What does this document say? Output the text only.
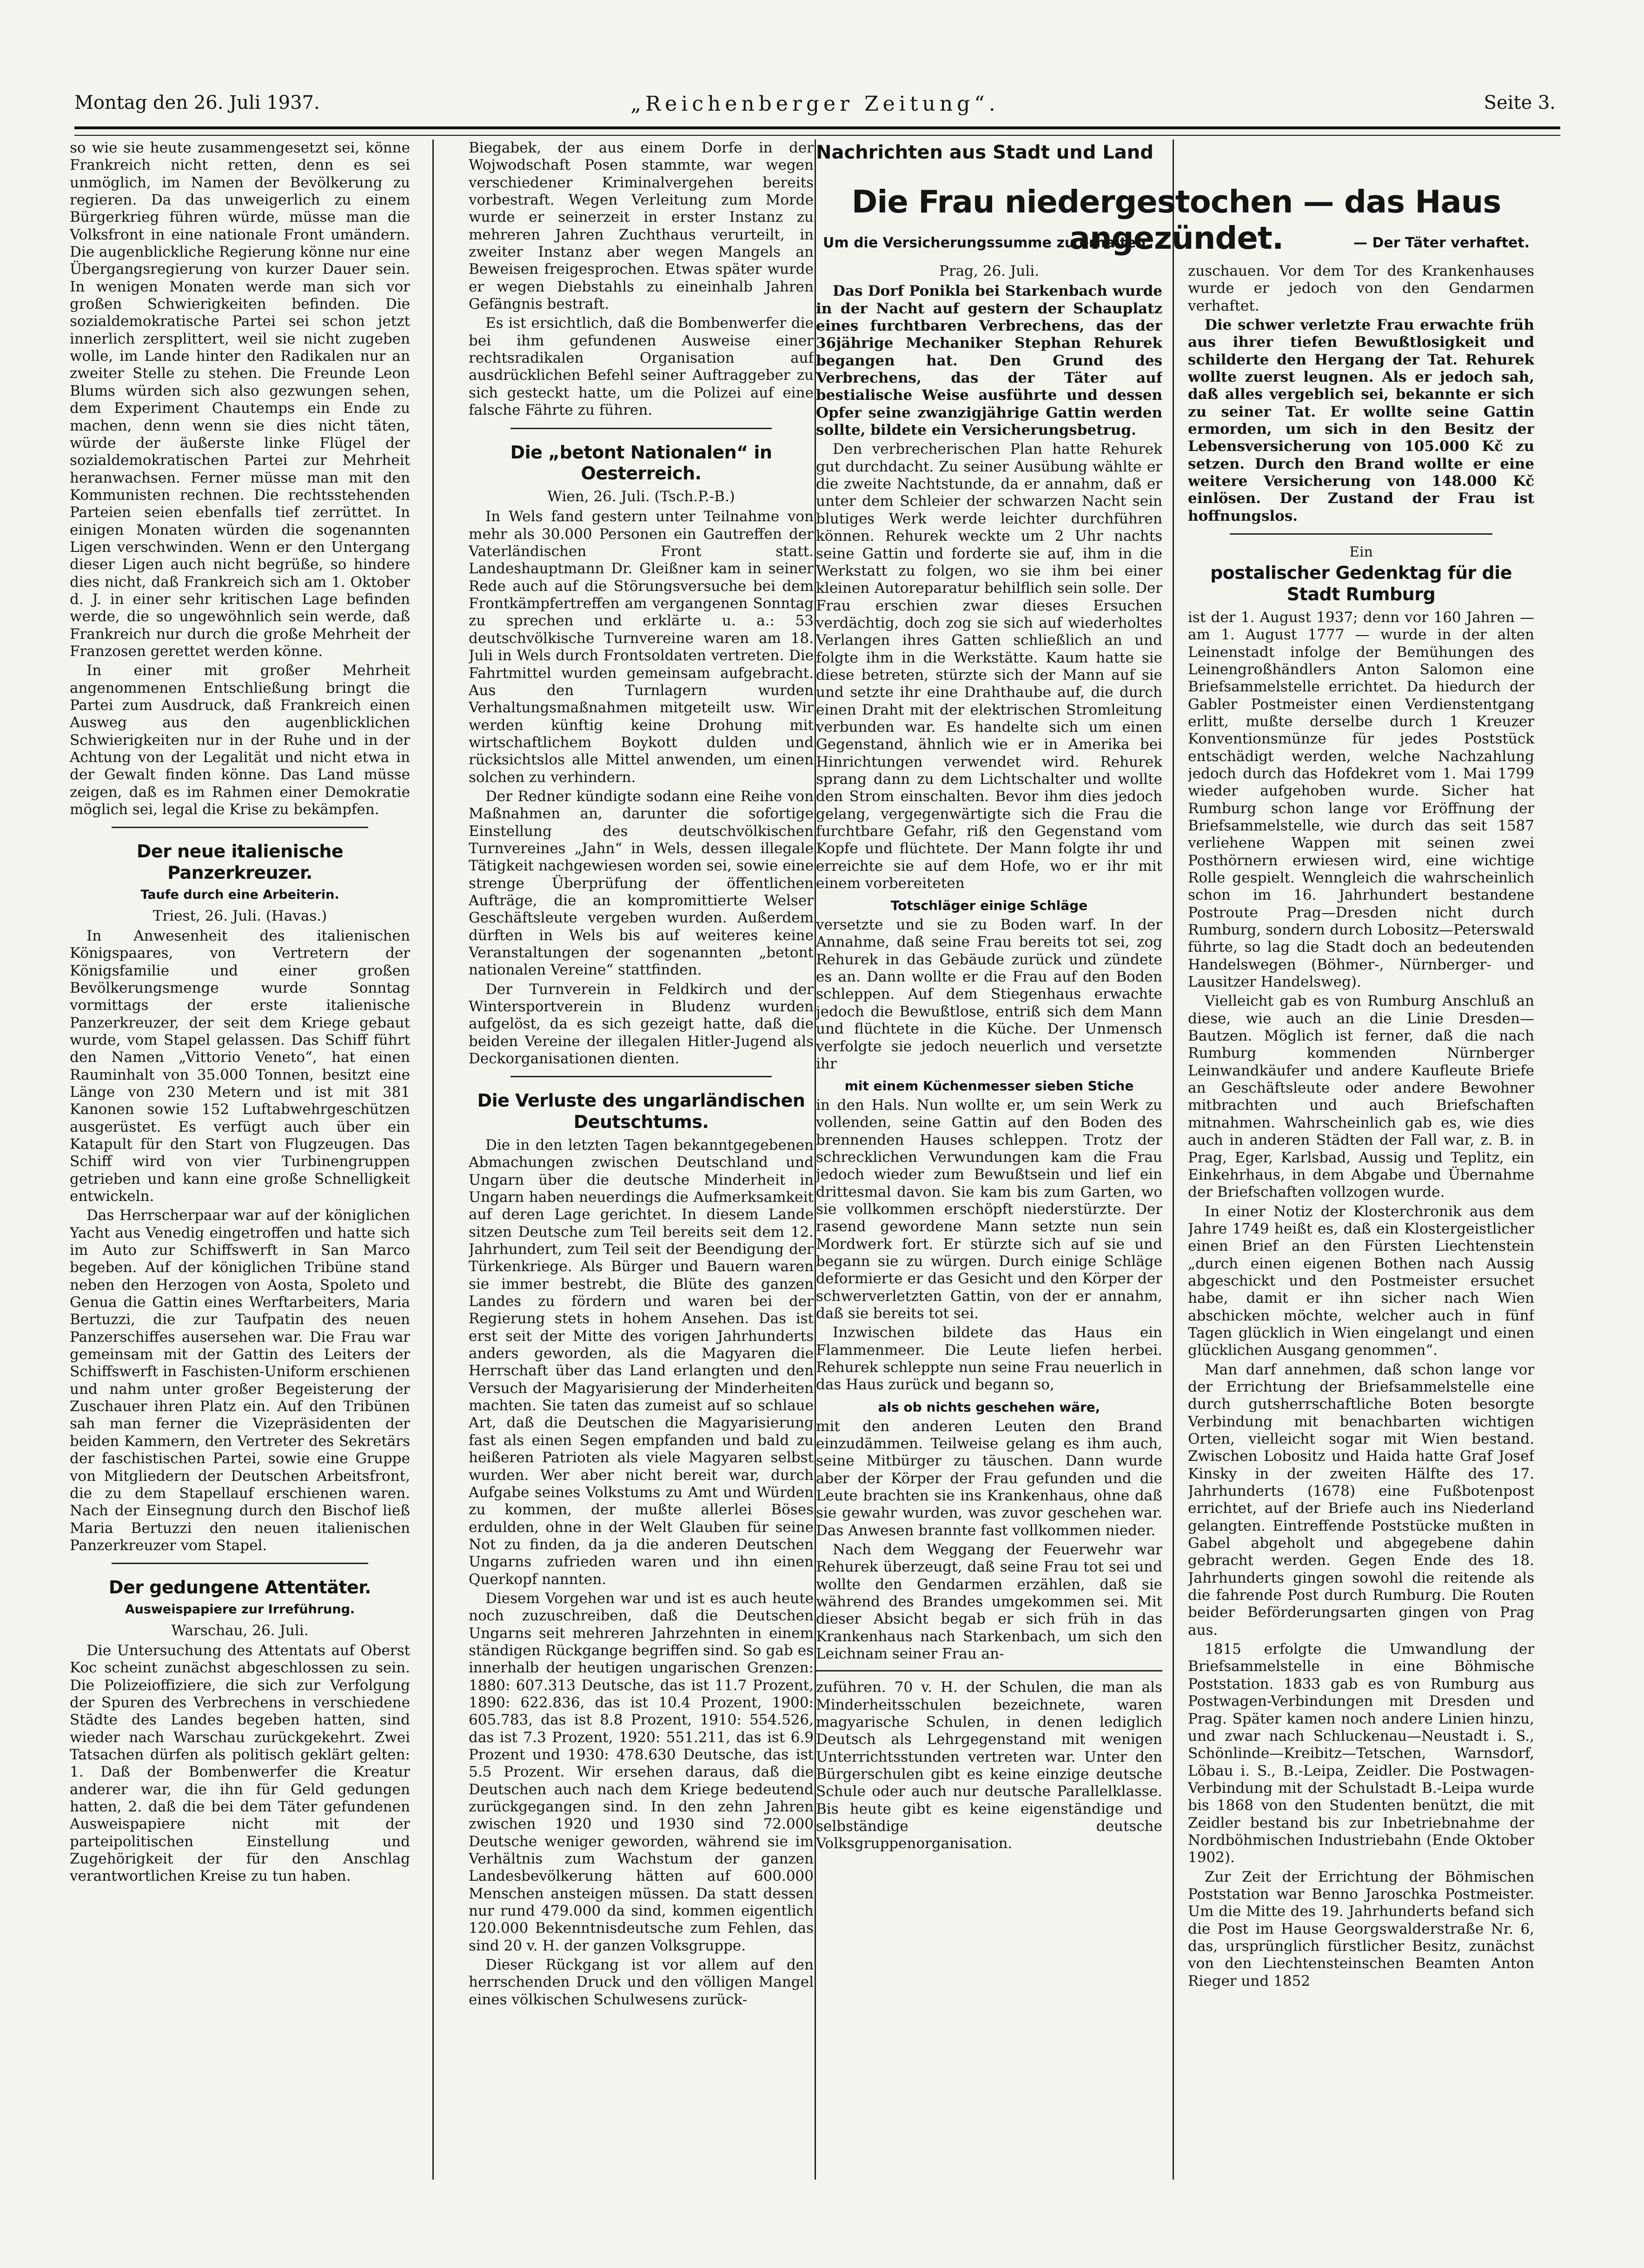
Montag den 26. Juli 1937.	„Reichenberger Zeitung“.	Seite 3.

so wie sie heute zusammengesetzt sei, könne Frankreich nicht retten, denn es sei unmöglich, im Namen der Bevölkerung zu regieren. Da das unweigerlich zu einem Bürgerkrieg führen würde, müsse man die Volksfront in eine nationale Front umändern. Die augenblickliche Regierung könne nur eine Übergangsregierung von kurzer Dauer sein. In wenigen Monaten werde man sich vor großen Schwierigkeiten befinden. Die sozialdemokratische Partei sei schon jetzt innerlich zersplittert, weil sie nicht zugeben wolle, im Lande hinter den Radikalen nur an zweiter Stelle zu stehen. Die Freunde Leon Blums würden sich also gezwungen sehen, dem Experiment Chautemps ein Ende zu machen, denn wenn sie dies nicht täten, würde der äußerste linke Flügel der sozialdemokratischen Partei zur Mehrheit heranwachsen. Ferner müsse man mit den Kommunisten rechnen. Die rechtsstehenden Parteien seien ebenfalls tief zerrüttet. In einigen Monaten würden die sogenannten Ligen verschwinden. Wenn er den Untergang dieser Ligen auch nicht begrüße, so hindere dies nicht, daß Frankreich sich am 1. Oktober d. J. in einer sehr kritischen Lage befinden werde, die so ungewöhnlich sein werde, daß Frankreich nur durch die große Mehrheit der Franzosen gerettet werden könne.

In einer mit großer Mehrheit angenommenen Entschließung bringt die Partei zum Ausdruck, daß Frankreich einen Ausweg aus den augenblicklichen Schwierigkeiten nur in der Ruhe und in der Achtung von der Legalität und nicht etwa in der Gewalt finden könne. Das Land müsse zeigen, daß es im Rahmen einer Demokratie möglich sei, legal die Krise zu bekämpfen.

Der neue italienische Panzerkreuzer.
Taufe durch eine Arbeiterin.
Triest, 26. Juli. (Havas.)

In Anwesenheit des italienischen Königspaares, von Vertretern der Königsfamilie und einer großen Bevölkerungsmenge wurde Sonntag vormittags der erste italienische Panzerkreuzer, der seit dem Kriege gebaut wurde, vom Stapel gelassen. Das Schiff führt den Namen „Vittorio Veneto“, hat einen Rauminhalt von 35.000 Tonnen, besitzt eine Länge von 230 Metern und ist mit 381 Kanonen sowie 152 Luftabwehrgeschützen ausgerüstet. Es verfügt auch über ein Katapult für den Start von Flugzeugen. Das Schiff wird von vier Turbinengruppen getrieben und kann eine große Schnelligkeit entwickeln.

Das Herrscherpaar war auf der königlichen Yacht aus Venedig eingetroffen und hatte sich im Auto zur Schiffswerft in San Marco begeben. Auf der königlichen Tribüne stand neben den Herzogen von Aosta, Spoleto und Genua die Gattin eines Werftarbeiters, Maria Bertuzzi, die zur Taufpatin des neuen Panzerschiffes ausersehen war. Die Frau war gemeinsam mit der Gattin des Leiters der Schiffswerft in Faschisten-Uniform erschienen und nahm unter großer Begeisterung der Zuschauer ihren Platz ein. Auf den Tribünen sah man ferner die Vizepräsidenten der beiden Kammern, den Vertreter des Sekretärs der faschistischen Partei, sowie eine Gruppe von Mitgliedern der Deutschen Arbeitsfront, die zu dem Stapellauf erschienen waren. Nach der Einsegnung durch den Bischof ließ Maria Bertuzzi den neuen italienischen Panzerkreuzer vom Stapel.

Der gedungene Attentäter.
Ausweispapiere zur Irreführung.
Warschau, 26. Juli.

Die Untersuchung des Attentats auf Oberst Koc scheint zunächst abgeschlossen zu sein. Die Polizeioffiziere, die sich zur Verfolgung der Spuren des Verbrechens in verschiedene Städte des Landes begeben hatten, sind wieder nach Warschau zurückgekehrt. Zwei Tatsachen dürfen als politisch geklärt gelten: 1. Daß der Bombenwerfer die Kreatur anderer war, die ihn für Geld gedungen hatten, 2. daß die bei dem Täter gefundenen Ausweispapiere nicht mit der parteipolitischen Einstellung und Zugehörigkeit der für den Anschlag verantwortlichen Kreise zu tun haben.

Biegabek, der aus einem Dorfe in der Wojwodschaft Posen stammte, war wegen verschiedener Kriminalvergehen bereits vorbestraft. Wegen Verleitung zum Morde wurde er seinerzeit in erster Instanz zu mehreren Jahren Zuchthaus verurteilt, in zweiter Instanz aber wegen Mangels an Beweisen freigesprochen. Etwas später wurde er wegen Diebstahls zu eineinhalb Jahren Gefängnis bestraft.

Es ist ersichtlich, daß die Bombenwerfer die bei ihm gefundenen Ausweise einer rechtsradikalen Organisation auf ausdrücklichen Befehl seiner Auftraggeber zu sich gesteckt hatte, um die Polizei auf eine falsche Fährte zu führen.

Die „betont Nationalen“ in Oesterreich.
Wien, 26. Juli. (Tsch.P.-B.)

In Wels fand gestern unter Teilnahme von mehr als 30.000 Personen ein Gautreffen der Vaterländischen Front statt. Landeshauptmann Dr. Gleißner kam in seiner Rede auch auf die Störungsversuche bei dem Frontkämpfertreffen am vergangenen Sonntag zu sprechen und erklärte u. a.: 53 deutschvölkische Turnvereine waren am 18. Juli in Wels durch Frontsoldaten vertreten. Die Fahrtmittel wurden gemeinsam aufgebracht. Aus den Turnlagern wurden Verhaltungsmaßnahmen mitgeteilt usw. Wir werden künftig keine Drohung mit wirtschaftlichem Boykott dulden und rücksichtslos alle Mittel anwenden, um einen solchen zu verhindern.

Der Redner kündigte sodann eine Reihe von Maßnahmen an, darunter die sofortige Einstellung des deutschvölkischen Turnvereines „Jahn“ in Wels, dessen illegale Tätigkeit nachgewiesen worden sei, sowie eine strenge Überprüfung der öffentlichen Aufträge, die an kompromittierte Welser Geschäftsleute vergeben wurden. Außerdem dürften in Wels bis auf weiteres keine Veranstaltungen der sogenannten „betont nationalen Vereine“ stattfinden.

Der Turnverein in Feldkirch und der Wintersportverein in Bludenz wurden aufgelöst, da es sich gezeigt hatte, daß die beiden Vereine der illegalen Hitler-Jugend als Deckorganisationen dienten.

Die Verluste des ungarländischen Deutschtums.

Die in den letzten Tagen bekanntgegebenen Abmachungen zwischen Deutschland und Ungarn über die deutsche Minderheit in Ungarn haben neuerdings die Aufmerksamkeit auf deren Lage gerichtet. In diesem Lande sitzen Deutsche zum Teil bereits seit dem 12. Jahrhundert, zum Teil seit der Beendigung der Türkenkriege. Als Bürger und Bauern waren sie immer bestrebt, die Blüte des ganzen Landes zu fördern und waren bei der Regierung stets in hohem Ansehen. Das ist erst seit der Mitte des vorigen Jahrhunderts anders geworden, als die Magyaren die Herrschaft über das Land erlangten und den Versuch der Magyarisierung der Minderheiten machten. Sie taten das zumeist auf so schlaue Art, daß die Deutschen die Magyarisierung fast als einen Segen empfanden und bald zu heißeren Patrioten als viele Magyaren selbst wurden. Wer aber nicht bereit war, durch Aufgabe seines Volkstums zu Amt und Würden zu kommen, der mußte allerlei Böses erdulden, ohne in der Welt Glauben für seine Not zu finden, da ja die anderen Deutschen Ungarns zufrieden waren und ihn einen Querkopf nannten.

Diesem Vorgehen war und ist es auch heute noch zuzuschreiben, daß die Deutschen Ungarns seit mehreren Jahrzehnten in einem ständigen Rückgange begriffen sind. So gab es innerhalb der heutigen ungarischen Grenzen: 1880: 607.313 Deutsche, das ist 11.7 Prozent, 1890: 622.836, das ist 10.4 Prozent, 1900: 605.783, das ist 8.8 Prozent, 1910: 554.526, das ist 7.3 Prozent, 1920: 551.211, das ist 6.9 Prozent und 1930: 478.630 Deutsche, das ist 5.5 Prozent. Wir ersehen daraus, daß die Deutschen auch nach dem Kriege bedeutend zurückgegangen sind. In den zehn Jahren zwischen 1920 und 1930 sind 72.000 Deutsche weniger geworden, während sie im Verhältnis zum Wachstum der ganzen Landesbevölkerung hätten auf 600.000 Menschen ansteigen müssen. Da statt dessen nur rund 479.000 da sind, kommen eigentlich 120.000 Bekenntnisdeutsche zum Fehlen, das sind 20 v. H. der ganzen Volksgruppe.

Dieser Rückgang ist vor allem auf den herrschenden Druck und den völligen Mangel eines völkischen Schulwesens zurück-

Nachrichten aus Stadt und Land
Die Frau niedergestochen — das Haus angezündet.
Um die Versicherungssumme zu erhalten.	— Der Täter verhaftet.
Prag, 26. Juli.

Das Dorf Ponikla bei Starkenbach wurde in der Nacht auf gestern der Schauplatz eines furchtbaren Verbrechens, das der 36jährige Mechaniker Stephan Rehurek begangen hat. Den Grund des Verbrechens, das der Täter auf bestialische Weise ausführte und dessen Opfer seine zwanzigjährige Gattin werden sollte, bildete ein Versicherungsbetrug.

Den verbrecherischen Plan hatte Rehurek gut durchdacht. Zu seiner Ausübung wählte er die zweite Nachtstunde, da er annahm, daß er unter dem Schleier der schwarzen Nacht sein blutiges Werk werde leichter durchführen können. Rehurek weckte um 2 Uhr nachts seine Gattin und forderte sie auf, ihm in die Werkstatt zu folgen, wo sie ihm bei einer kleinen Autoreparatur behilflich sein solle. Der Frau erschien zwar dieses Ersuchen verdächtig, doch zog sie sich auf wiederholtes Verlangen ihres Gatten schließlich an und folgte ihm in die Werkstätte. Kaum hatte sie diese betreten, stürzte sich der Mann auf sie und setzte ihr eine Drahthaube auf, die durch einen Draht mit der elektrischen Stromleitung verbunden war. Es handelte sich um einen Gegenstand, ähnlich wie er in Amerika bei Hinrichtungen verwendet wird. Rehurek sprang dann zu dem Lichtschalter und wollte den Strom einschalten. Bevor ihm dies jedoch gelang, vergegenwärtigte sich die Frau die furchtbare Gefahr, riß den Gegenstand vom Kopfe und flüchtete. Der Mann folgte ihr und erreichte sie auf dem Hofe, wo er ihr mit einem vorbereiteten

Totschläger einige Schläge

versetzte und sie zu Boden warf. In der Annahme, daß seine Frau bereits tot sei, zog Rehurek in das Gebäude zurück und zündete es an. Dann wollte er die Frau auf den Boden schleppen. Auf dem Stiegenhaus erwachte jedoch die Bewußtlose, entriß sich dem Mann und flüchtete in die Küche. Der Unmensch verfolgte sie jedoch neuerlich und versetzte ihr

mit einem Küchenmesser sieben Stiche

in den Hals. Nun wollte er, um sein Werk zu vollenden, seine Gattin auf den Boden des brennenden Hauses schleppen. Trotz der schrecklichen Verwundungen kam die Frau jedoch wieder zum Bewußtsein und lief ein drittesmal davon. Sie kam bis zum Garten, wo sie vollkommen erschöpft niederstürzte. Der rasend gewordene Mann setzte nun sein Mordwerk fort. Er stürzte sich auf sie und begann sie zu würgen. Durch einige Schläge deformierte er das Gesicht und den Körper der schwerverletzten Gattin, von der er annahm, daß sie bereits tot sei.

Inzwischen bildete das Haus ein Flammenmeer. Die Leute liefen herbei. Rehurek schleppte nun seine Frau neuerlich in das Haus zurück und begann so,

als ob nichts geschehen wäre,

mit den anderen Leuten den Brand einzudämmen. Teilweise gelang es ihm auch, seine Mitbürger zu täuschen. Dann wurde aber der Körper der Frau gefunden und die Leute brachten sie ins Krankenhaus, ohne daß sie gewahr wurden, was zuvor geschehen war. Das Anwesen brannte fast vollkommen nieder.

Nach dem Weggang der Feuerwehr war Rehurek überzeugt, daß seine Frau tot sei und wollte den Gendarmen erzählen, daß sie während des Brandes umgekommen sei. Mit dieser Absicht begab er sich früh in das Krankenhaus nach Starkenbach, um sich den Leichnam seiner Frau an-

zuführen. 70 v. H. der Schulen, die man als Minderheitsschulen bezeichnete, waren magyarische Schulen, in denen lediglich Deutsch als Lehrgegenstand mit wenigen Unterrichtsstunden vertreten war. Unter den Bürgerschulen gibt es keine einzige deutsche Schule oder auch nur deutsche Parallelklasse. Bis heute gibt es keine eigenständige und selbständige deutsche Volksgruppenorganisation.

zuschauen. Vor dem Tor des Krankenhauses wurde er jedoch von den Gendarmen verhaftet.

Die schwer verletzte Frau erwachte früh aus ihrer tiefen Bewußtlosigkeit und schilderte den Hergang der Tat. Rehurek wollte zuerst leugnen. Als er jedoch sah, daß alles vergeblich sei, bekannte er sich zu seiner Tat. Er wollte seine Gattin ermorden, um sich in den Besitz der Lebensversicherung von 105.000 Kč zu setzen. Durch den Brand wollte er eine weitere Versicherung von 148.000 Kč einlösen. Der Zustand der Frau ist hoffnungslos.

Ein
postalischer Gedenktag für die Stadt Rumburg

ist der 1. August 1937; denn vor 160 Jahren — am 1. August 1777 — wurde in der alten Leinenstadt infolge der Bemühungen des Leinengroßhändlers Anton Salomon eine Briefsammelstelle errichtet. Da hiedurch der Gabler Postmeister einen Verdienstentgang erlitt, mußte derselbe durch 1 Kreuzer Konventionsmünze für jedes Poststück entschädigt werden, welche Nachzahlung jedoch durch das Hofdekret vom 1. Mai 1799 wieder aufgehoben wurde. Sicher hat Rumburg schon lange vor Eröffnung der Briefsammelstelle, wie durch das seit 1587 verliehene Wappen mit seinen zwei Posthörnern erwiesen wird, eine wichtige Rolle gespielt. Wenngleich die wahrscheinlich schon im 16. Jahrhundert bestandene Postroute Prag—Dresden nicht durch Rumburg, sondern durch Lobositz—Peterswald führte, so lag die Stadt doch an bedeutenden Handelswegen (Böhmer-, Nürnberger- und Lausitzer Handelsweg).

Vielleicht gab es von Rumburg Anschluß an diese, wie auch an die Linie Dresden—Bautzen. Möglich ist ferner, daß die nach Rumburg kommenden Nürnberger Leinwandkäufer und andere Kaufleute Briefe an Geschäftsleute oder andere Bewohner mitbrachten und auch Briefschaften mitnahmen. Wahrscheinlich gab es, wie dies auch in anderen Städten der Fall war, z. B. in Prag, Eger, Karlsbad, Aussig und Teplitz, ein Einkehrhaus, in dem Abgabe und Übernahme der Briefschaften vollzogen wurde.

In einer Notiz der Klosterchronik aus dem Jahre 1749 heißt es, daß ein Klostergeistlicher einen Brief an den Fürsten Liechtenstein „durch einen eigenen Bothen nach Aussig abgeschickt und den Postmeister ersuchet habe, damit er ihn sicher nach Wien abschicken möchte, welcher auch in fünf Tagen glücklich in Wien eingelangt und einen glücklichen Ausgang genommen“.

Man darf annehmen, daß schon lange vor der Errichtung der Briefsammelstelle eine durch gutsherrschaftliche Boten besorgte Verbindung mit benachbarten wichtigen Orten, vielleicht sogar mit Wien bestand. Zwischen Lobositz und Haida hatte Graf Josef Kinsky in der zweiten Hälfte des 17. Jahrhunderts (1678) eine Fußbotenpost errichtet, auf der Briefe auch ins Niederland gelangten. Eintreffende Poststücke mußten in Gabel abgeholt und abgegebene dahin gebracht werden. Gegen Ende des 18. Jahrhunderts gingen sowohl die reitende als die fahrende Post durch Rumburg. Die Routen beider Beförderungsarten gingen von Prag aus.

1815 erfolgte die Umwandlung der Briefsammelstelle in eine Böhmische Poststation. 1833 gab es von Rumburg aus Postwagen-Verbindungen mit Dresden und Prag. Später kamen noch andere Linien hinzu, und zwar nach Schluckenau—Neustadt i. S., Schönlinde—Kreibitz—Tetschen, Warnsdorf, Löbau i. S., B.-Leipa, Zeidler. Die Postwagen-Verbindung mit der Schulstadt B.-Leipa wurde bis 1868 von den Studenten benützt, die mit Zeidler bestand bis zur Inbetriebnahme der Nordböhmischen Industriebahn (Ende Oktober 1902).

Zur Zeit der Errichtung der Böhmischen Poststation war Benno Jaroschka Postmeister. Um die Mitte des 19. Jahrhunderts befand sich die Post im Hause Georgswalderstraße Nr. 6, das, ursprünglich fürstlicher Besitz, zunächst von den Liechtensteinschen Beamten Anton Rieger und 1852
